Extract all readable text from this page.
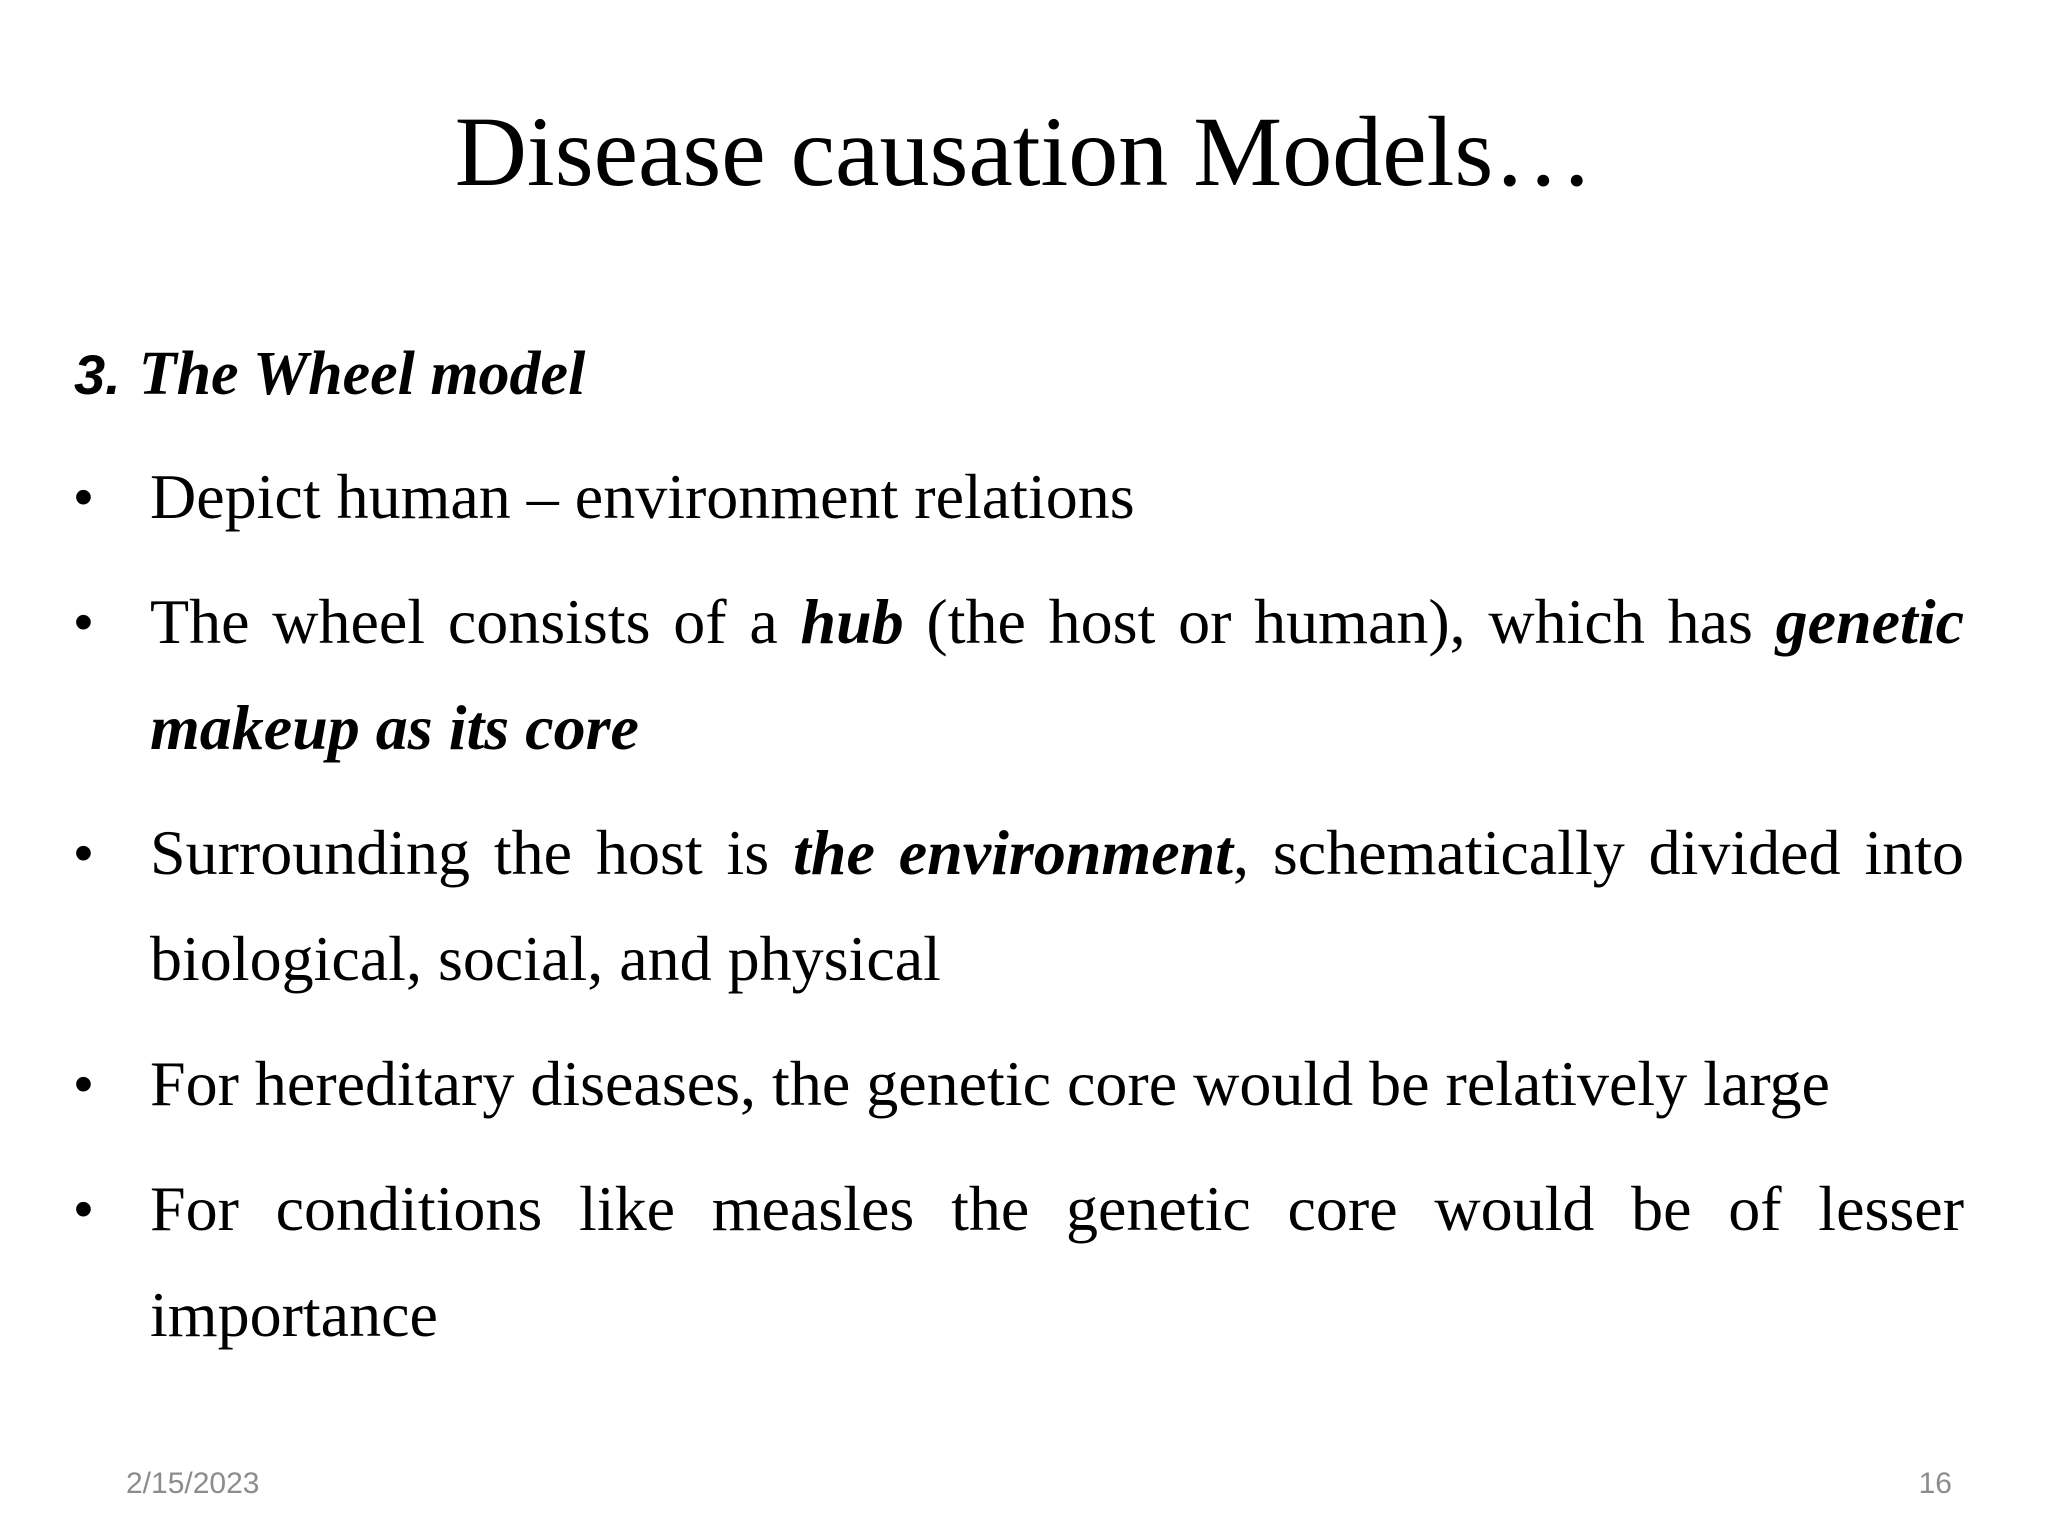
Disease causation Models…
3. The Wheel model
• Depict human – environment relations
• The wheel consists of a hub (the host or human), which has genetic makeup as its core
• Surrounding the host is the environment, schematically divided into biological, social, and physical
• For hereditary diseases, the genetic core would be relatively large
• For conditions like measles the genetic core would be of lesser importance
2/15/2023	16
